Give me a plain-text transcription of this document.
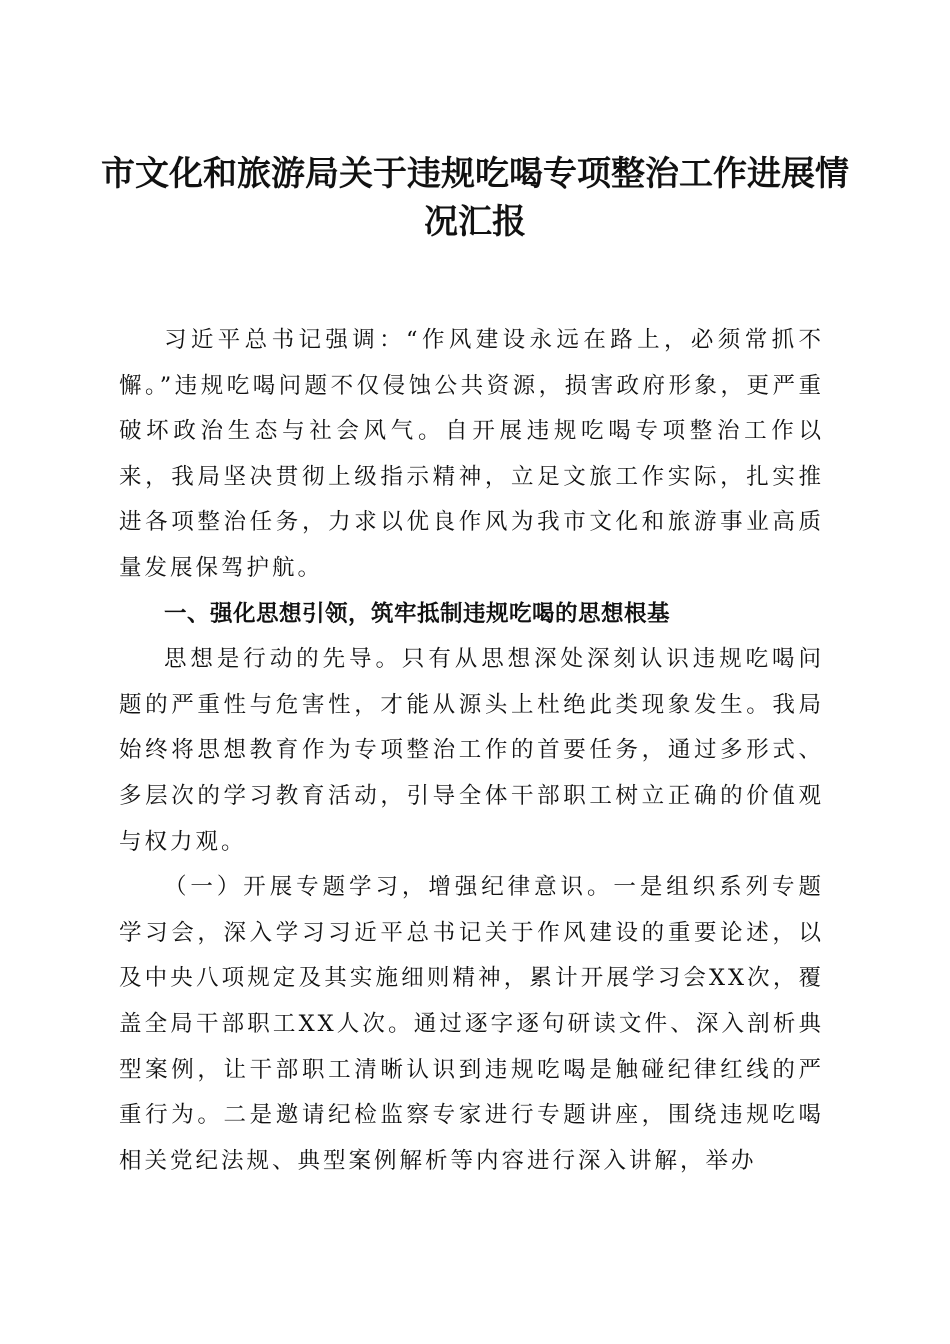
市文化和旅游局关于违规吃喝专项整治工作进展情况汇报

习近平总书记强调：“作风建设永远在路上，必须常抓不懈。”违规吃喝问题不仅侵蚀公共资源，损害政府形象，更严重破坏政治生态与社会风气。自开展违规吃喝专项整治工作以来，我局坚决贯彻上级指示精神，立足文旅工作实际，扎实推进各项整治任务，力求以优良作风为我市文化和旅游事业高质量发展保驾护航。

一、强化思想引领，筑牢抵制违规吃喝的思想根基

思想是行动的先导。只有从思想深处深刻认识违规吃喝问题的严重性与危害性，才能从源头上杜绝此类现象发生。我局始终将思想教育作为专项整治工作的首要任务，通过多形式、多层次的学习教育活动，引导全体干部职工树立正确的价值观与权力观。

（一）开展专题学习，增强纪律意识。一是组织系列专题学习会，深入学习习近平总书记关于作风建设的重要论述，以及中央八项规定及其实施细则精神，累计开展学习会XX次，覆盖全局干部职工XX人次。通过逐字逐句研读文件、深入剖析典型案例，让干部职工清晰认识到违规吃喝是触碰纪律红线的严重行为。二是邀请纪检监察专家进行专题讲座，围绕违规吃喝相关党纪法规、典型案例解析等内容进行深入讲解，举办
